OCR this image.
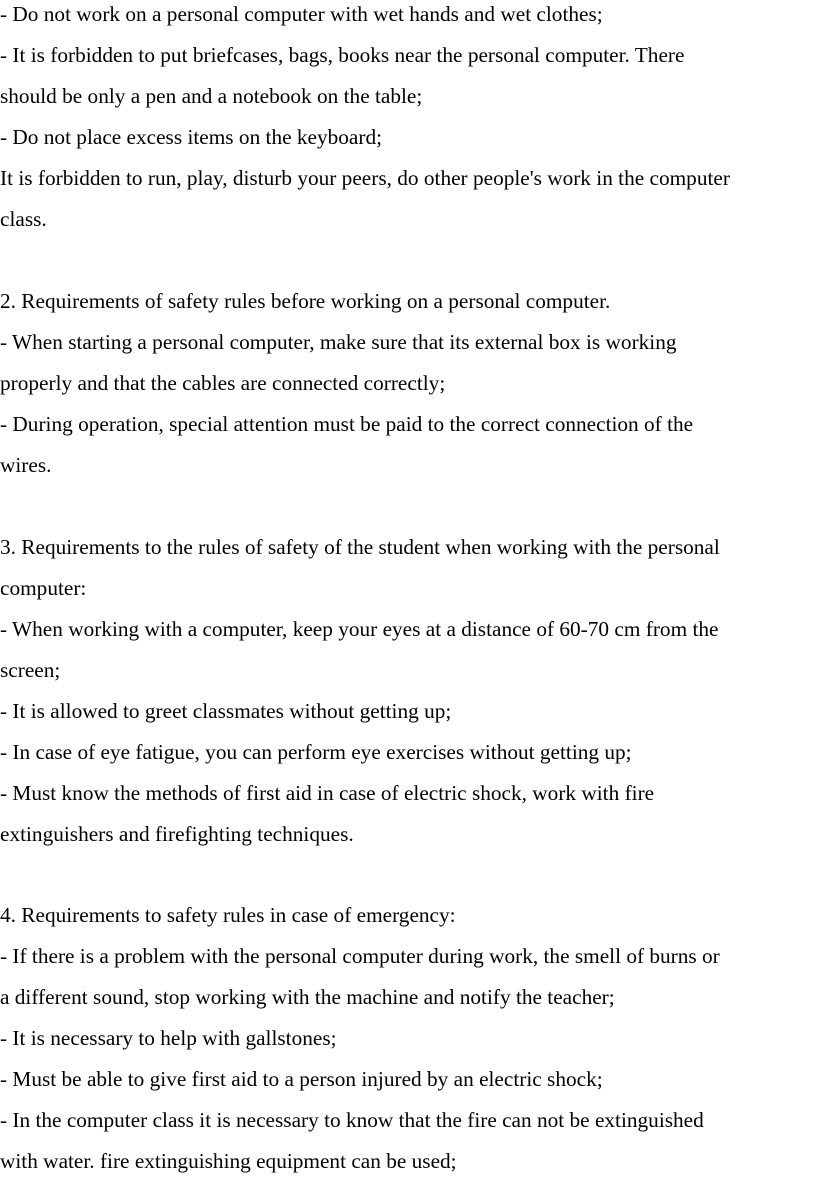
- Do not work on a personal computer with wet hands and wet clothes;

- It is forbidden to put briefcases, bags, books near the personal computer. There

should be only a pen and a notebook on the table;

- Do not place excess items on the keyboard;

It is forbidden to run, play, disturb your peers, do other people's work in the computer

class.

2. Requirements of safety rules before working on a personal computer.

- When starting a personal computer, make sure that its external box is working

properly and that the cables are connected correctly;

- During operation, special attention must be paid to the correct connection of the

wires.

3. Requirements to the rules of safety of the student when working with the personal

computer:

- When working with a computer, keep your eyes at a distance of 60-70 cm from the

screen;

- It is allowed to greet classmates without getting up;

- In case of eye fatigue, you can perform eye exercises without getting up;

- Must know the methods of first aid in case of electric shock, work with fire

extinguishers and firefighting techniques.

4. Requirements to safety rules in case of emergency:

- If there is a problem with the personal computer during work, the smell of burns or

a different sound, stop working with the machine and notify the teacher;

- It is necessary to help with gallstones;

- Must be able to give first aid to a person injured by an electric shock;

- In the computer class it is necessary to know that the fire can not be extinguished

with water. fire extinguishing equipment can be used;
